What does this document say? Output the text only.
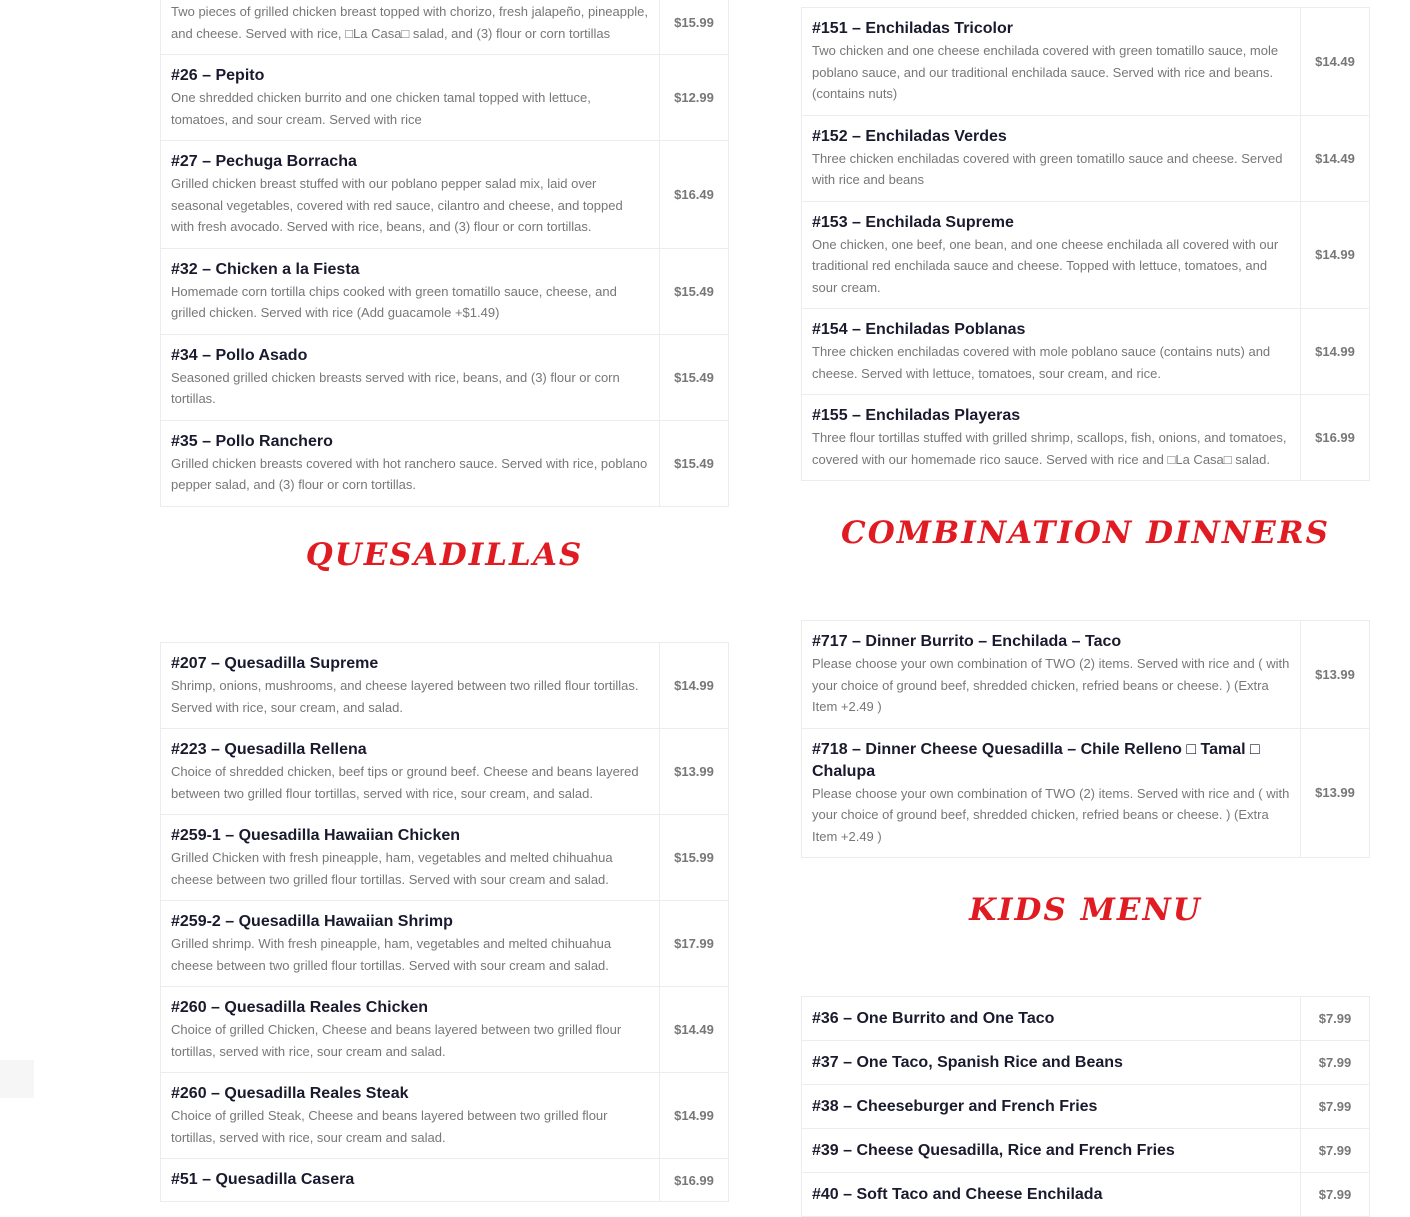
Two pieces of grilled chicken breast topped with chorizo, fresh jalapeño, pineapple, and cheese. Served with rice, □La Casa□ salad, and (3) flour or corn tortillas	$15.99

#26 – Pepito
One shredded chicken burrito and one chicken tamal topped with lettuce, tomatoes, and sour cream. Served with rice	$12.99

#27 – Pechuga Borracha
Grilled chicken breast stuffed with our poblano pepper salad mix, laid over seasonal vegetables, covered with red sauce, cilantro and cheese, and topped with fresh avocado. Served with rice, beans, and (3) flour or corn tortillas.	$16.49

#32 – Chicken a la Fiesta
Homemade corn tortilla chips cooked with green tomatillo sauce, cheese, and grilled chicken. Served with rice (Add guacamole +$1.49)	$15.49

#34 – Pollo Asado
Seasoned grilled chicken breasts served with rice, beans, and (3) flour or corn tortillas.	$15.49

#35 – Pollo Ranchero
Grilled chicken breasts covered with hot ranchero sauce. Served with rice, poblano pepper salad, and (3) flour or corn tortillas.	$15.49
QUESADILLAS
#207 – Quesadilla Supreme
Shrimp, onions, mushrooms, and cheese layered between two rilled flour tortillas. Served with rice, sour cream, and salad.	$14.99

#223 – Quesadilla Rellena
Choice of shredded chicken, beef tips or ground beef. Cheese and beans layered between two grilled flour tortillas, served with rice, sour cream, and salad.	$13.99

#259-1 – Quesadilla Hawaiian Chicken
Grilled Chicken with fresh pineapple, ham, vegetables and melted chihuahua cheese between two grilled flour tortillas. Served with sour cream and salad.	$15.99

#259-2 – Quesadilla Hawaiian Shrimp
Grilled shrimp. With fresh pineapple, ham, vegetables and melted chihuahua cheese between two grilled flour tortillas. Served with sour cream and salad.	$17.99

#260 – Quesadilla Reales Chicken
Choice of grilled Chicken, Cheese and beans layered between two grilled flour tortillas, served with rice, sour cream and salad.	$14.49

#260 – Quesadilla Reales Steak
Choice of grilled Steak, Cheese and beans layered between two grilled flour tortillas, served with rice, sour cream and salad.	$14.99

#51 – Quesadilla Casera	$16.99
#151 – Enchiladas Tricolor
Two chicken and one cheese enchilada covered with green tomatillo sauce, mole poblano sauce, and our traditional enchilada sauce. Served with rice and beans. (contains nuts)	$14.49

#152 – Enchiladas Verdes
Three chicken enchiladas covered with green tomatillo sauce and cheese. Served with rice and beans	$14.49

#153 – Enchilada Supreme
One chicken, one beef, one bean, and one cheese enchilada all covered with our traditional red enchilada sauce and cheese. Topped with lettuce, tomatoes, and sour cream.	$14.99

#154 – Enchiladas Poblanas
Three chicken enchiladas covered with mole poblano sauce (contains nuts) and cheese. Served with lettuce, tomatoes, sour cream, and rice.	$14.99

#155 – Enchiladas Playeras
Three flour tortillas stuffed with grilled shrimp, scallops, fish, onions, and tomatoes, covered with our homemade rico sauce. Served with rice and □La Casa□ salad.	$16.99
COMBINATION DINNERS
#717 – Dinner Burrito – Enchilada – Taco
Please choose your own combination of TWO (2) items. Served with rice and ( with your choice of ground beef, shredded chicken, refried beans or cheese. ) (Extra Item +2.49 )	$13.99

#718 – Dinner Cheese Quesadilla – Chile Relleno □ Tamal □ Chalupa
Please choose your own combination of TWO (2) items. Served with rice and ( with your choice of ground beef, shredded chicken, refried beans or cheese. ) (Extra Item +2.49 )	$13.99
KIDS MENU
#36 – One Burrito and One Taco	$7.99

#37 – One Taco, Spanish Rice and Beans	$7.99

#38 – Cheeseburger and French Fries	$7.99

#39 – Cheese Quesadilla, Rice and French Fries	$7.99

#40 – Soft Taco and Cheese Enchilada	$7.99
